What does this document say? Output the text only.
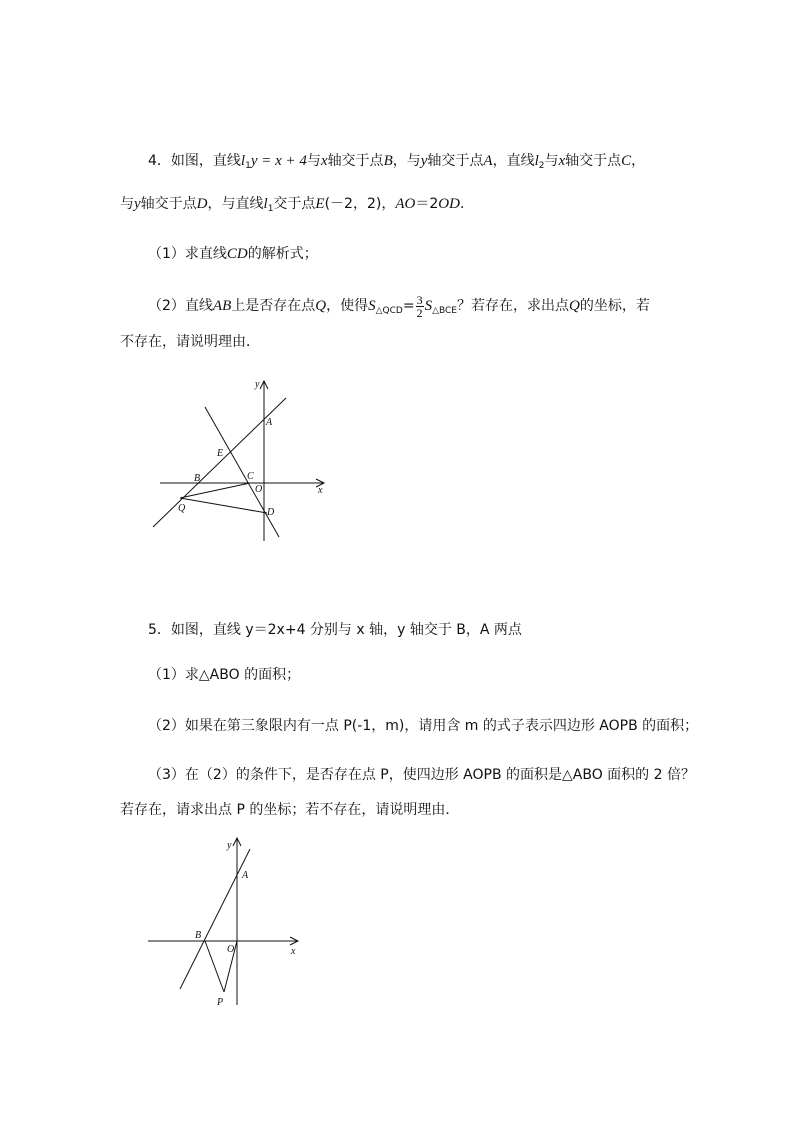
4．如图，直线$l_1y = x + 4$与x轴交于点B，与y轴交于点A，直线$l_2$与x轴交于点C，
与y轴交于点D，与直线$l_1$交于点E(－2，2)，AO＝2OD.
（1）求直线CD的解析式；
（2）直线AB上是否存在点Q，使得$S_{\triangle QCD}= \frac{3}{2} S_{\triangle BCE}$？若存在，求出点Q的坐标，若
不存在，请说明理由．
y
x
A
E
B	C
O
Q	D
5．如图，直线 y＝2x+4 分别与 x 轴，y 轴交于 B，A 两点
（1）求△ABO 的面积；
（2）如果在第三象限内有一点 P(-1，m)，请用含 m 的式子表示四边形 AOPB 的面积；
（3）在（2）的条件下，是否存在点 P，使四边形 AOPB 的面积是△ABO 面积的 2 倍？
若存在，请求出点 P 的坐标；若不存在，请说明理由．
y
x
A
B
O
P
